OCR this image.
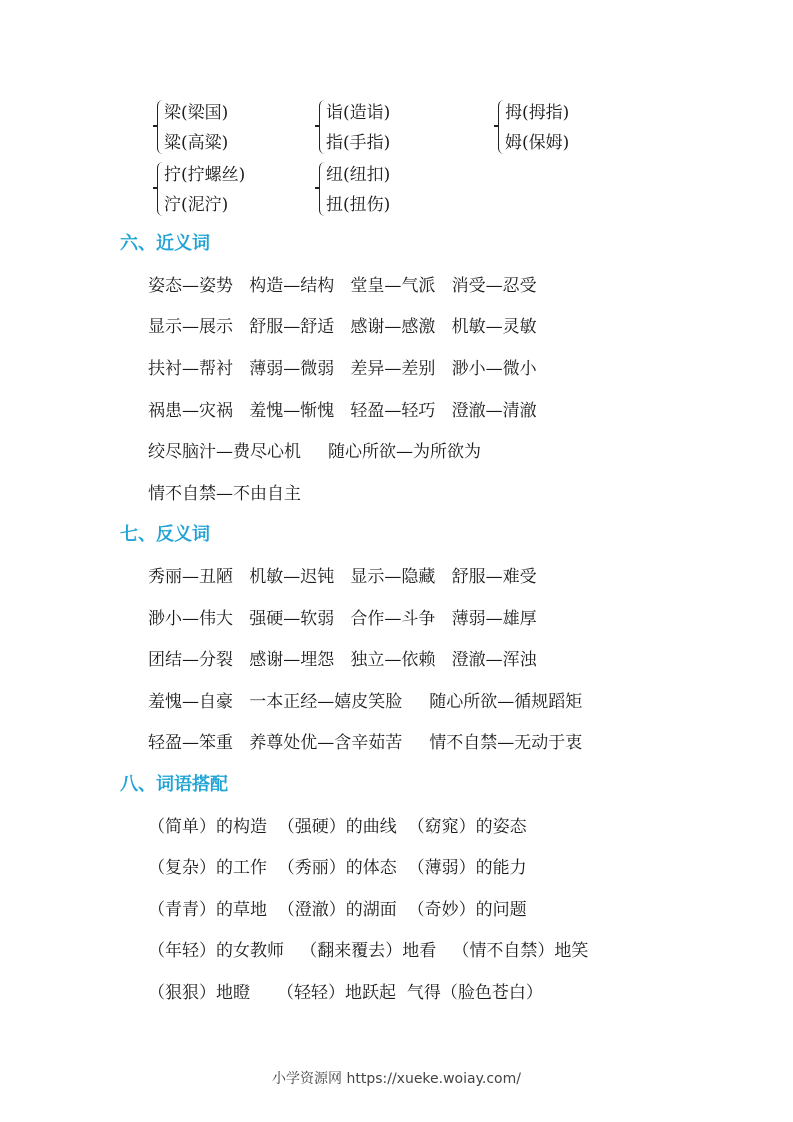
梁(梁国)
粱(高粱)
诣(造诣)
指(手指)
拇(拇指)
姆(保姆)
拧(拧螺丝)
泞(泥泞)
纽(纽扣)
扭(扭伤)
六、近义词
姿态—姿势   构造—结构   堂皇—气派   消受—忍受
显示—展示   舒服—舒适   感谢—感激   机敏—灵敏
扶衬—帮衬   薄弱—微弱   差异—差别   渺小—微小
祸患—灾祸   羞愧—惭愧   轻盈—轻巧   澄澈—清澈
绞尽脑汁—费尽心机     随心所欲—为所欲为
情不自禁—不由自主
七、反义词
秀丽—丑陋   机敏—迟钝   显示—隐藏   舒服—难受
渺小—伟大   强硬—软弱   合作—斗争   薄弱—雄厚
团结—分裂   感谢—埋怨   独立—依赖   澄澈—浑浊
羞愧—自豪   一本正经—嬉皮笑脸     随心所欲—循规蹈矩
轻盈—笨重   养尊处优—含辛茹苦     情不自禁—无动于衷
八、词语搭配
（简单）的构造  （强硬）的曲线  （窈窕）的姿态
（复杂）的工作  （秀丽）的体态  （薄弱）的能力
（青青）的草地  （澄澈）的湖面  （奇妙）的问题
（年轻）的女教师   （翻来覆去）地看   （情不自禁）地笑
（狠狠）地瞪     （轻轻）地跃起  气得（脸色苍白）
小学资源网 https://xueke.woiay.com/
